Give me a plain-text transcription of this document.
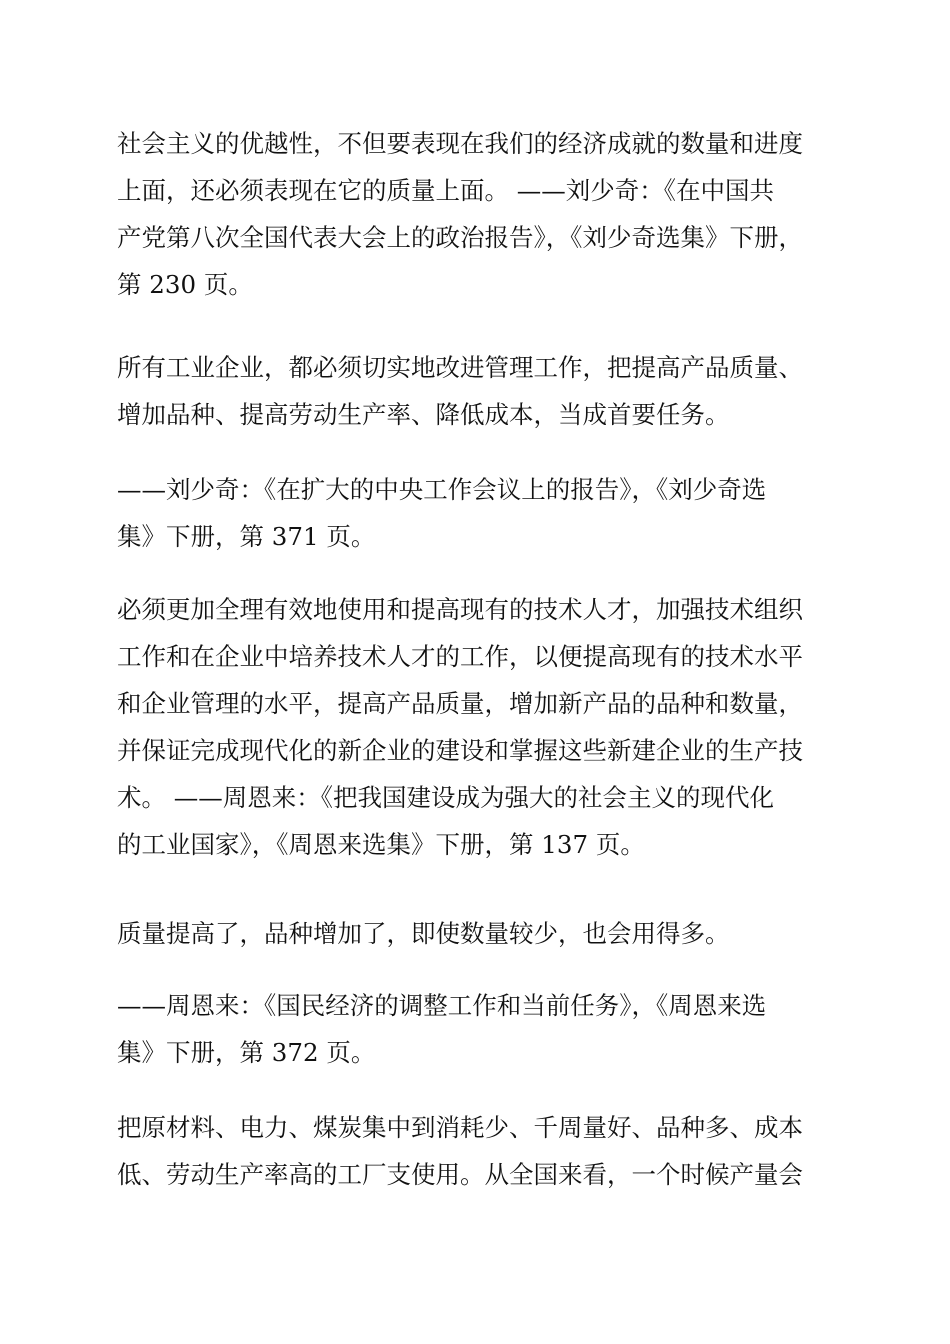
社会主义的优越性，不但要表现在我们的经济成就的数量和进度
上面，还必须表现在它的质量上面。 ——刘少奇：《在中国共
产党第八次全国代表大会上的政治报告》，《刘少奇选集》下册，
第 230 页。
所有工业企业，都必须切实地改进管理工作，把提高产品质量、
增加品种、提高劳动生产率、降低成本，当成首要任务。
——刘少奇：《在扩大的中央工作会议上的报告》，《刘少奇选
集》下册，第 371 页。
必须更加全理有效地使用和提高现有的技术人才，加强技术组织
工作和在企业中培养技术人才的工作，以便提高现有的技术水平
和企业管理的水平，提高产品质量，增加新产品的品种和数量，
并保证完成现代化的新企业的建设和掌握这些新建企业的生产技
术。 ——周恩来：《把我国建设成为强大的社会主义的现代化
的工业国家》，《周恩来选集》下册，第 137 页。
质量提高了，品种增加了，即使数量较少，也会用得多。
——周恩来：《国民经济的调整工作和当前任务》，《周恩来选
集》下册，第 372 页。
把原材料、电力、煤炭集中到消耗少、千周量好、品种多、成本
低、劳动生产率高的工厂支使用。从全国来看，一个时候产量会
